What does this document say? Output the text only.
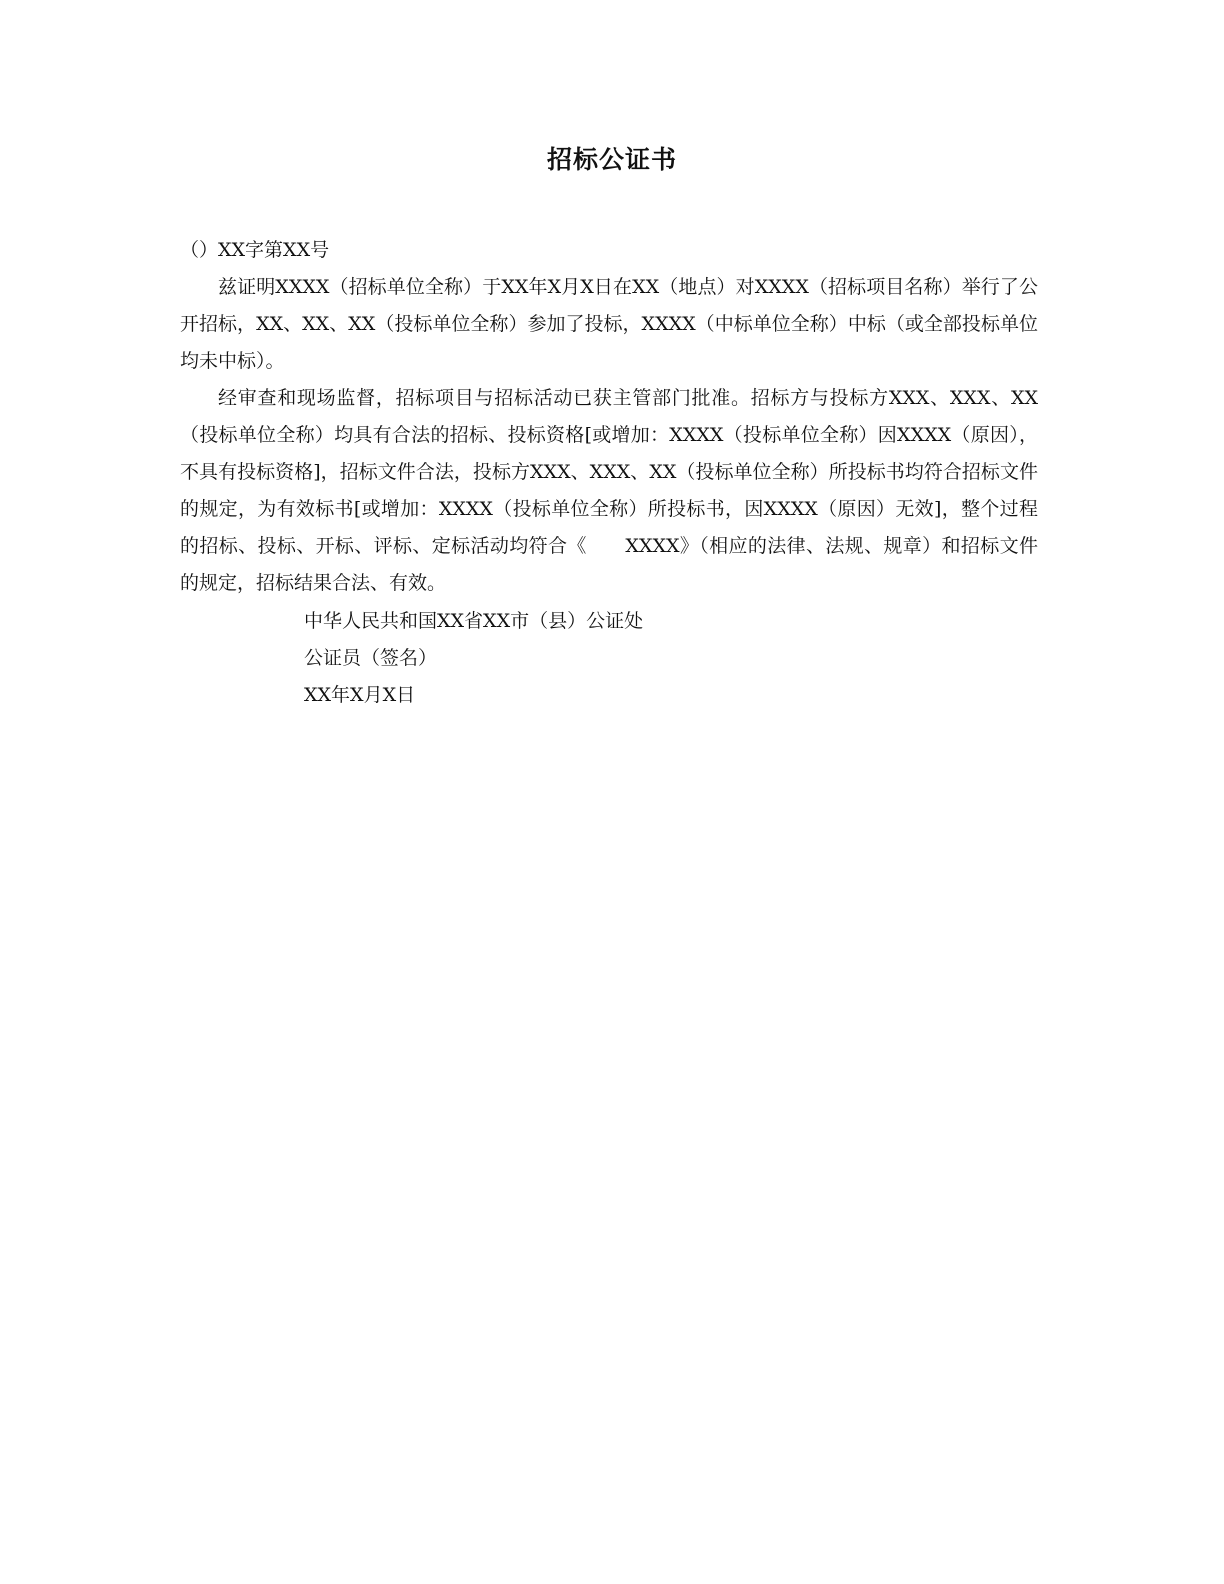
招标公证书

（）XX字第XX号

兹证明XXXX（招标单位全称）于XX年X月X日在XX（地点）对XXXX（招标项目名称）举行了公开招标，XX、XX、XX（投标单位全称）参加了投标，XXXX（中标单位全称）中标（或全部投标单位均未中标）。

经审查和现场监督，招标项目与招标活动已获主管部门批准。招标方与投标方XXX、XXX、XX（投标单位全称）均具有合法的招标、投标资格[或增加：XXXX（投标单位全称）因XXXX（原因），不具有投标资格]，招标文件合法，投标方XXX、XXX、XX（投标单位全称）所投标书均符合招标文件的规定，为有效标书[或增加：XXXX（投标单位全称）所投标书，因XXXX（原因）无效]，整个过程的招标、投标、开标、评标、定标活动均符合《　　XXXX》（相应的法律、法规、规章）和招标文件的规定，招标结果合法、有效。

中华人民共和国XX省XX市（县）公证处
公证员（签名）
XX年X月X日
